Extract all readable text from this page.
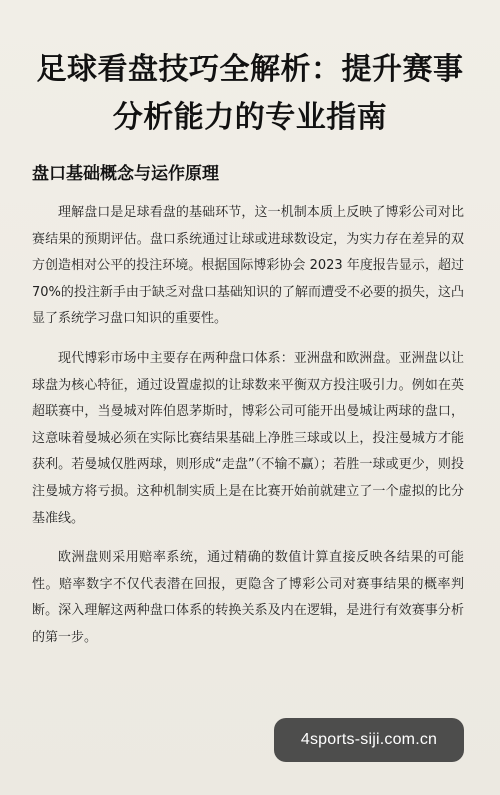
足球看盘技巧全解析：提升赛事分析能力的专业指南
盘口基础概念与运作原理

理解盘口是足球看盘的基础环节，这一机制本质上反映了博彩公司对比赛结果的预期评估。盘口系统通过让球或进球数设定，为实力存在差异的双方创造相对公平的投注环境。根据国际博彩协会 2023 年度报告显示，超过 70%的投注新手由于缺乏对盘口基础知识的了解而遭受不必要的损失，这凸显了系统学习盘口知识的重要性。

现代博彩市场中主要存在两种盘口体系：亚洲盘和欧洲盘。亚洲盘以让球盘为核心特征，通过设置虚拟的让球数来平衡双方投注吸引力。例如在英超联赛中，当曼城对阵伯恩茅斯时，博彩公司可能开出曼城让两球的盘口，这意味着曼城必须在实际比赛结果基础上净胜三球或以上，投注曼城方才能获利。若曼城仅胜两球，则形成“走盘”（不输不赢）；若胜一球或更少，则投注曼城方将亏损。这种机制实质上是在比赛开始前就建立了一个虚拟的比分基准线。

欧洲盘则采用赔率系统，通过精确的数值计算直接反映各结果的可能性。赔率数字不仅代表潜在回报，更隐含了博彩公司对赛事结果的概率判断。深入理解这两种盘口体系的转换关系及内在逻辑，是进行有效赛事分析的第一步。

4sports-siji.com.cn
